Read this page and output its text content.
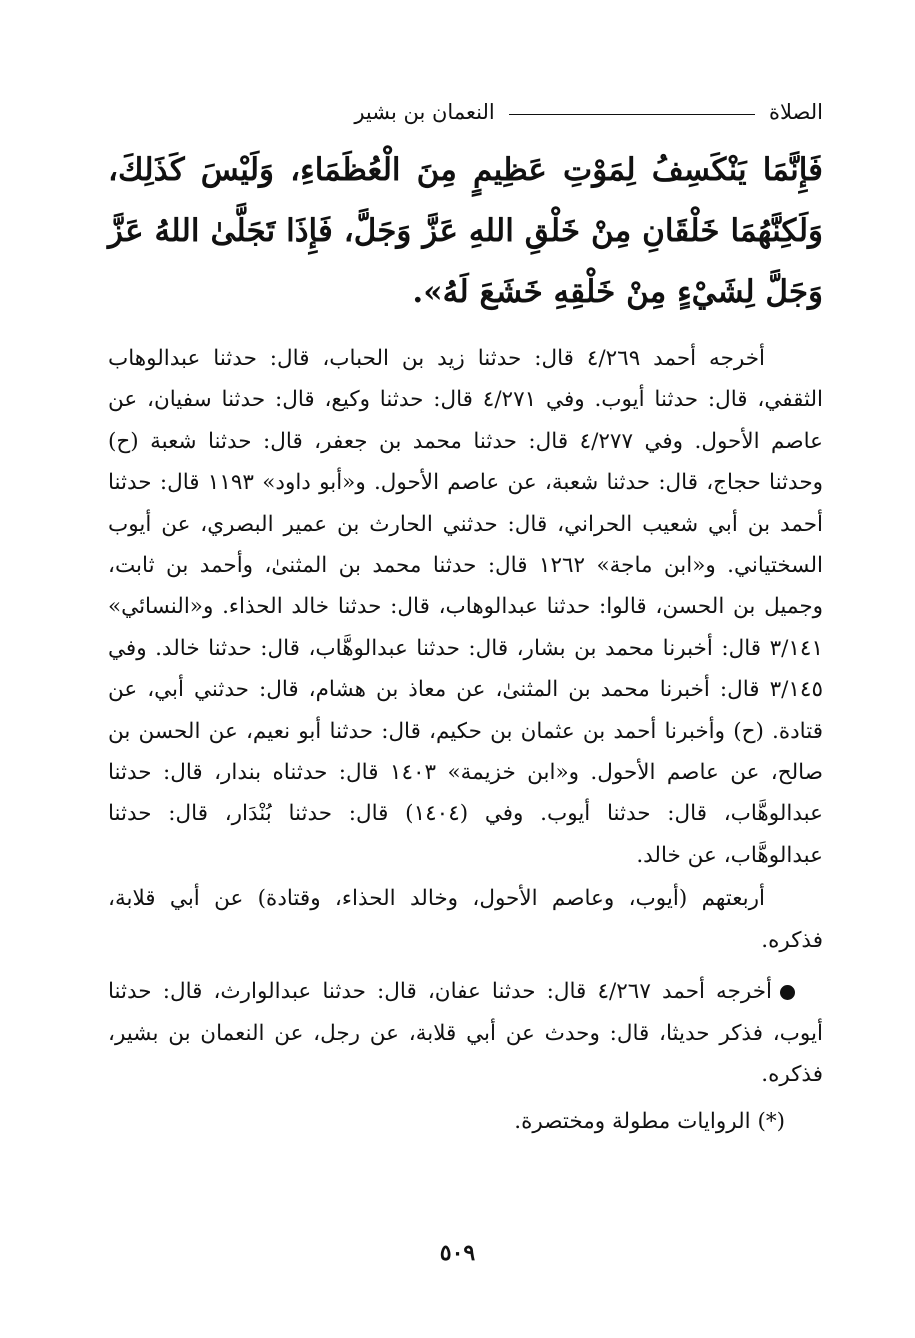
الصلاة
النعمان بن بشير
فَإِنَّمَا يَنْكَسِفُ لِمَوْتِ عَظِيمٍ مِنَ الْعُظَمَاءِ، وَلَيْسَ كَذَلِكَ، وَلَكِنَّهُمَا خَلْقَانِ مِنْ خَلْقِ اللهِ عَزَّ وَجَلَّ، فَإِذَا تَجَلَّىٰ اللهُ عَزَّ وَجَلَّ لِشَيْءٍ مِنْ خَلْقِهِ خَشَعَ لَهُ».

أخرجه أحمد ٤/٢٦٩ قال: حدثنا زيد بن الحباب، قال: حدثنا عبدالوهاب الثقفي، قال: حدثنا أيوب. وفي ٤/٢٧١ قال: حدثنا وكيع، قال: حدثنا سفيان، عن عاصم الأحول. وفي ٤/٢٧٧ قال: حدثنا محمد بن جعفر، قال: حدثنا شعبة (ح) وحدثنا حجاج، قال: حدثنا شعبة، عن عاصم الأحول. و«أبو داود» ١١٩٣ قال: حدثنا أحمد بن أبي شعيب الحراني، قال: حدثني الحارث بن عمير البصري، عن أيوب السختياني. و«ابن ماجة» ١٢٦٢ قال: حدثنا محمد بن المثنىٰ، وأحمد بن ثابت، وجميل بن الحسن، قالوا: حدثنا عبدالوهاب، قال: حدثنا خالد الحذاء. و«النسائي» ٣/١٤١ قال: أخبرنا محمد بن بشار، قال: حدثنا عبدالوهَّاب، قال: حدثنا خالد. وفي ٣/١٤٥ قال: أخبرنا محمد بن المثنىٰ، عن معاذ بن هشام، قال: حدثني أبي، عن قتادة. (ح) وأخبرنا أحمد بن عثمان بن حكيم، قال: حدثنا أبو نعيم، عن الحسن بن صالح، عن عاصم الأحول. و«ابن خزيمة» ١٤٠٣ قال: حدثناه بندار، قال: حدثنا عبدالوهَّاب، قال: حدثنا أيوب. وفي (١٤٠٤) قال: حدثنا بُنْدَار، قال: حدثنا عبدالوهَّاب، عن خالد.

أربعتهم (أيوب، وعاصم الأحول، وخالد الحذاء، وقتادة) عن أبي قلابة، فذكره.

أخرجه أحمد ٤/٢٦٧ قال: حدثنا عفان، قال: حدثنا عبدالوارث، قال: حدثنا أيوب، فذكر حديثا، قال: وحدث عن أبي قلابة، عن رجل، عن النعمان بن بشير، فذكره.

(*) الروايات مطولة ومختصرة.

٥٠٩
